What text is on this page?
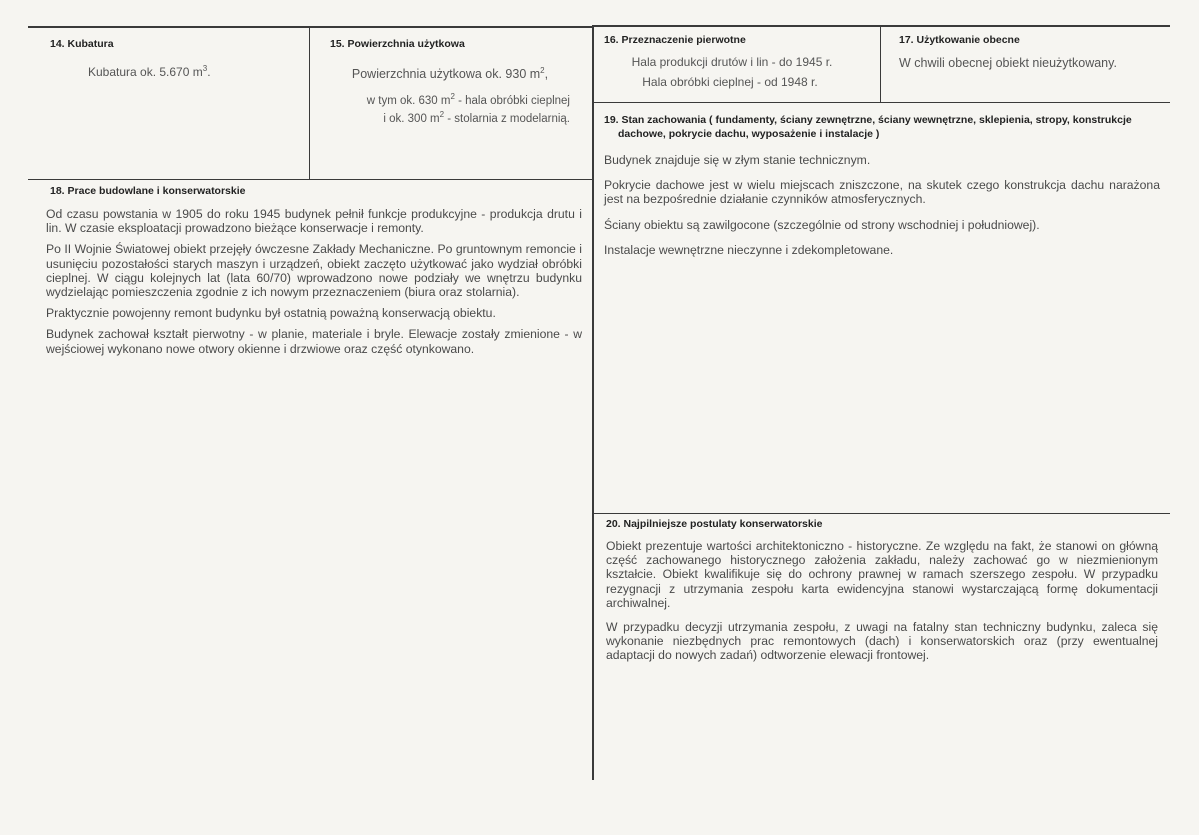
14. Kubatura
Kubatura ok. 5.670 $m^3$.
15. Powierzchnia użytkowa
Powierzchnia użytkowa ok. 930 $m^2$,
w tym ok. 630 $m^2$ - hala obróbki cieplnej
i ok. 300 $m^2$ - stolarnia z modelarnią.
16. Przeznaczenie pierwotne
Hala produkcji drutów i lin - do 1945 r.
Hala obróbki cieplnej - od 1948 r.
17. Użytkowanie obecne
W chwili obecnej obiekt nieużytkowany.
18. Prace budowlane i konserwatorskie

Od czasu powstania w 1905 do roku 1945 budynek pełnił funkcje produkcyjne - produkcja drutu i lin. W czasie eksploatacji prowadzono bieżące konserwacje i remonty.

Po II Wojnie Światowej obiekt przejęły ówczesne Zakłady Mechaniczne. Po gruntownym remoncie i usunięciu pozostałości starych maszyn i urządzeń, obiekt zaczęto użytkować jako wydział obróbki cieplnej. W ciągu kolejnych lat (lata 60/70) wprowadzono nowe podziały we wnętrzu budynku wydzielając pomieszczenia zgodnie z ich nowym przeznaczeniem (biura oraz stolarnia).

Praktycznie powojenny remont budynku był ostatnią poważną konserwacją obiektu.

Budynek zachował kształt pierwotny - w planie, materiale i bryle. Elewacje zostały zmienione - w wejściowej wykonano nowe otwory okienne i drzwiowe oraz część otynkowano.

19. Stan zachowania ( fundamenty, ściany zewnętrzne, ściany wewnętrzne, sklepienia, stropy, konstrukcje dachowe, pokrycie dachu, wyposażenie i instalacje )

Budynek znajduje się w złym stanie technicznym.

Pokrycie dachowe jest w wielu miejscach zniszczone, na skutek czego konstrukcja dachu narażona jest na bezpośrednie działanie czynników atmosferycznych.

Ściany obiektu są zawilgocone (szczególnie od strony wschodniej i południowej).

Instalacje wewnętrzne nieczynne i zdekompletowane.

20. Najpilniejsze postulaty konserwatorskie

Obiekt prezentuje wartości architektoniczno - historyczne. Ze względu na fakt, że stanowi on główną część zachowanego historycznego założenia zakładu, należy zachować go w niezmienionym kształcie. Obiekt kwalifikuje się do ochrony prawnej w ramach szerszego zespołu. W przypadku rezygnacji z utrzymania zespołu karta ewidencyjna stanowi wystarczającą formę dokumentacji archiwalnej.

W przypadku decyzji utrzymania zespołu, z uwagi na fatalny stan techniczny budynku, zaleca się wykonanie niezbędnych prac remontowych (dach) i konserwatorskich oraz (przy ewentualnej adaptacji do nowych zadań) odtworzenie elewacji frontowej.
